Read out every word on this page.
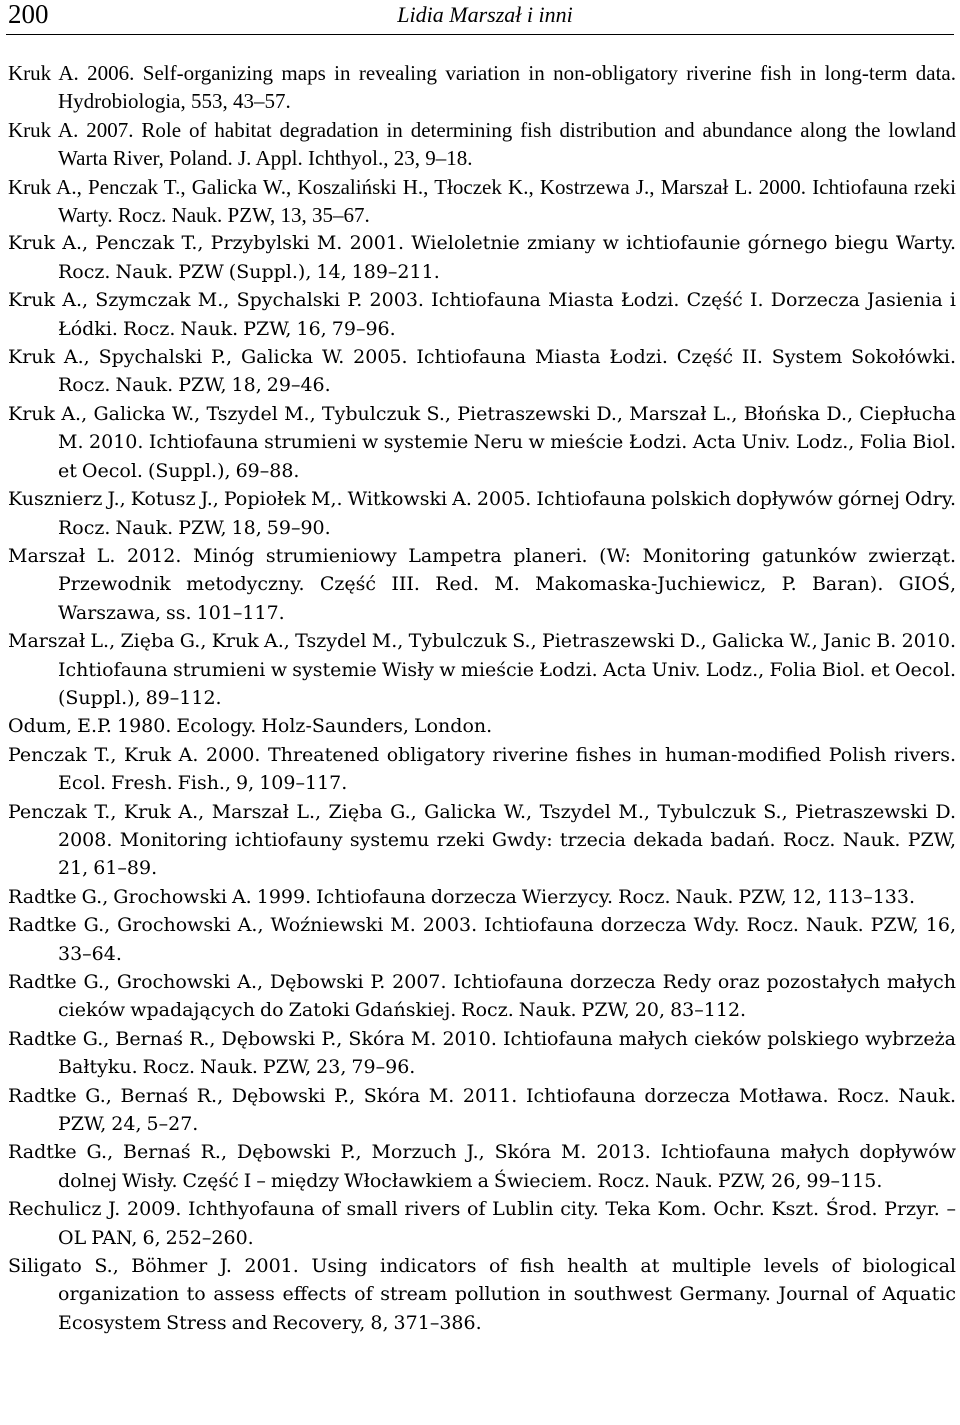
200	Lidia Marszał i inni
Kruk A. 2006. Self-organizing maps in revealing variation in non-obligatory riverine fish in long-term data. Hydrobiologia, 553, 43–57.
Kruk A. 2007. Role of habitat degradation in determining fish distribution and abundance along the lowland Warta River, Poland. J. Appl. Ichthyol., 23, 9–18.
Kruk A., Penczak T., Galicka W., Koszaliński H., Tłoczek K., Kostrzewa J., Marszał L. 2000. Ichtiofauna rzeki Warty. Rocz. Nauk. PZW, 13, 35–67.
Kruk A., Penczak T., Przybylski M. 2001. Wieloletnie zmiany w ichtiofaunie górnego biegu Warty. Rocz. Nauk. PZW (Suppl.), 14, 189–211.
Kruk A., Szymczak M., Spychalski P. 2003. Ichtiofauna Miasta Łodzi. Część I. Dorzecza Jasienia i Łódki. Rocz. Nauk. PZW, 16, 79–96.
Kruk A., Spychalski P., Galicka W. 2005. Ichtiofauna Miasta Łodzi. Część II. System Sokołówki. Rocz. Nauk. PZW, 18, 29–46.
Kruk A., Galicka W., Tszydel M., Tybulczuk S., Pietraszewski D., Marszał L., Błońska D., Ciepłucha M. 2010. Ichtiofauna strumieni w systemie Neru w mieście Łodzi. Acta Univ. Lodz., Folia Biol. et Oecol. (Suppl.), 69–88.
Kusznierz J., Kotusz J., Popiołek M,. Witkowski A. 2005. Ichtiofauna polskich dopływów górnej Odry. Rocz. Nauk. PZW, 18, 59–90.
Marszał L. 2012. Minóg strumieniowy Lampetra planeri. (W: Monitoring gatunków zwierząt. Przewodnik metodyczny. Część III. Red. M. Makomaska-Juchiewicz, P. Baran). GIOŚ, Warszawa, ss. 101–117.
Marszał L., Zięba G., Kruk A., Tszydel M., Tybulczuk S., Pietraszewski D., Galicka W., Janic B. 2010. Ichtiofauna strumieni w systemie Wisły w mieście Łodzi. Acta Univ. Lodz., Folia Biol. et Oecol. (Suppl.), 89–112.
Odum, E.P. 1980. Ecology. Holz-Saunders, London.
Penczak T., Kruk A. 2000. Threatened obligatory riverine fishes in human-modified Polish rivers. Ecol. Fresh. Fish., 9, 109–117.
Penczak T., Kruk A., Marszał L., Zięba G., Galicka W., Tszydel M., Tybulczuk S., Pietraszewski D. 2008. Monitoring ichtiofauny systemu rzeki Gwdy: trzecia dekada badań. Rocz. Nauk. PZW, 21, 61–89.
Radtke G., Grochowski A. 1999. Ichtiofauna dorzecza Wierzycy. Rocz. Nauk. PZW, 12, 113–133.
Radtke G., Grochowski A., Woźniewski M. 2003. Ichtiofauna dorzecza Wdy. Rocz. Nauk. PZW, 16, 33–64.
Radtke G., Grochowski A., Dębowski P. 2007. Ichtiofauna dorzecza Redy oraz pozostałych małych cieków wpadających do Zatoki Gdańskiej. Rocz. Nauk. PZW, 20, 83–112.
Radtke G., Bernaś R., Dębowski P., Skóra M. 2010. Ichtiofauna małych cieków polskiego wybrzeża Bałtyku. Rocz. Nauk. PZW, 23, 79–96.
Radtke G., Bernaś R., Dębowski P., Skóra M. 2011. Ichtiofauna dorzecza Motława. Rocz. Nauk. PZW, 24, 5–27.
Radtke G., Bernaś R., Dębowski P., Morzuch J., Skóra M. 2013. Ichtiofauna małych dopływów dolnej Wisły. Część I – między Włocławkiem a Świeciem. Rocz. Nauk. PZW, 26, 99–115.
Rechulicz J. 2009. Ichthyofauna of small rivers of Lublin city. Teka Kom. Ochr. Kszt. Środ. Przyr. – OL PAN, 6, 252–260.
Siligato S., Böhmer J. 2001. Using indicators of fish health at multiple levels of biological organization to assess effects of stream pollution in southwest Germany. Journal of Aquatic Ecosystem Stress and Recovery, 8, 371–386.
